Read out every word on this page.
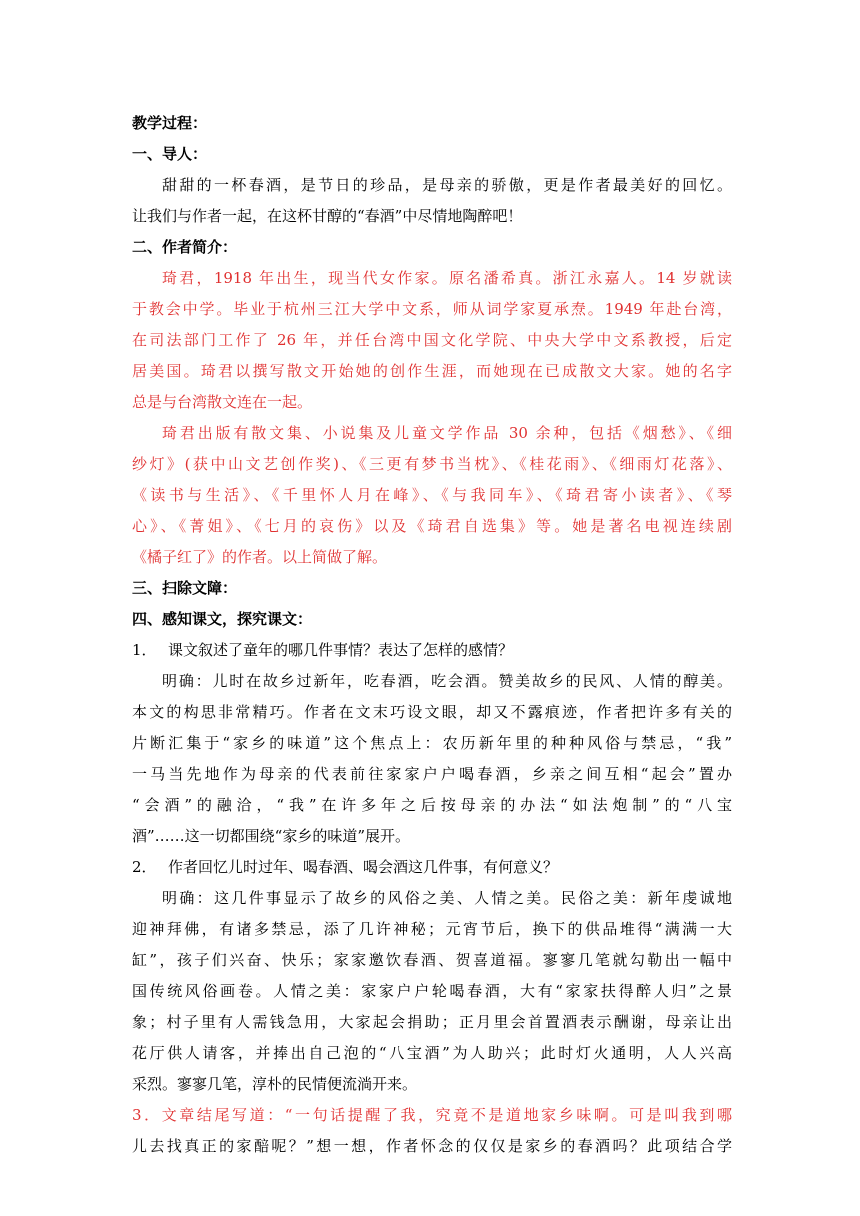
教学过程：
一、导人：
甜甜的一杯春酒，是节日的珍品，是母亲的骄傲，更是作者最美好的回忆。
让我们与作者一起，在这杯甘醇的“春酒”中尽情地陶醉吧！
二、作者简介：
琦君，1918 年出生，现当代女作家。原名潘希真。浙江永嘉人。14 岁就读
于教会中学。毕业于杭州三江大学中文系，师从词学家夏承焘。1949 年赴台湾，
在司法部门工作了 26 年，并任台湾中国文化学院、中央大学中文系教授，后定
居美国。琦君以撰写散文开始她的创作生涯，而她现在已成散文大家。她的名字
总是与台湾散文连在一起。
琦君出版有散文集、小说集及儿童文学作品 30 余种，包括《烟愁》、《细
纱灯》(获中山文艺创作奖)、《三更有梦书当枕》、《桂花雨》、《细雨灯花落》、
《读书与生活》、《千里怀人月在峰》、《与我同车》、《琦君寄小读者》、《琴
心》、《菁姐》、《七月的哀伤》以及《琦君自选集》等。她是著名电视连续剧
《橘子红了》的作者。以上简做了解。
三、扫除文障：
四、感知课文，探究课文：
1． 课文叙述了童年的哪几件事情？表达了怎样的感情？
明确：儿时在故乡过新年，吃春酒，吃会酒。赞美故乡的民风、人情的醇美。
本文的构思非常精巧。作者在文末巧设文眼，却又不露痕迹，作者把许多有关的
片断汇集于“家乡的味道”这个焦点上：农历新年里的种种风俗与禁忌，“我”
一马当先地作为母亲的代表前往家家户户喝春酒，乡亲之间互相“起会”置办
“会酒”的融洽，“我”在许多年之后按母亲的办法“如法炮制”的“八宝
酒”……这一切都围绕“家乡的味道”展开。
2． 作者回忆儿时过年、喝春酒、喝会酒这几件事，有何意义？
明确：这几件事显示了故乡的风俗之美、人情之美。民俗之美：新年虔诚地
迎神拜佛，有诸多禁忌，添了几许神秘；元宵节后，换下的供品堆得“满满一大
缸”，孩子们兴奋、快乐；家家邀饮春酒、贺喜道福。寥寥几笔就勾勒出一幅中
国传统风俗画卷。人情之美：家家户户轮喝春酒，大有“家家扶得醉人归”之景
象；村子里有人需钱急用，大家起会捐助；正月里会首置酒表示酬谢，母亲让出
花厅供人请客，并捧出自己泡的“八宝酒”为人助兴；此时灯火通明，人人兴高
采烈。寥寥几笔，淳朴的民情便流淌开来。
3．文章结尾写道：“一句话提醒了我，究竟不是道地家乡味啊。可是叫我到哪
儿去找真正的家醅呢？”想一想，作者怀念的仅仅是家乡的春酒吗？此项结合学
